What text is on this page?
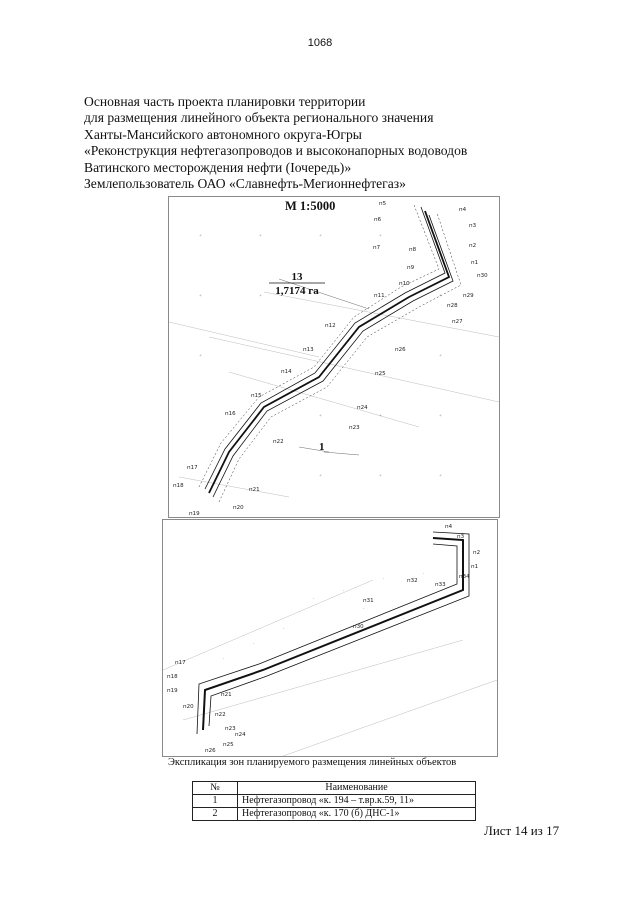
1068
Основная часть проекта планировки территории
для размещения линейного объекта регионального значения
Ханты-Мансийского автономного округа-Югры
«Реконструкция нефтегазопроводов и высоконапорных водоводов
Ватинского месторождения нефти (Iочередь)»
Землепользователь ОАО «Славнефть-Мегионнефтегаз»
+	+	+	+
+	+	+
+	+
+	+	+
+	+	+
п5
п4
п6
п3
п7	п8
п2
п1
п9
п30
п10
п29
п11
п28
п27
п12
п26
п13
п25
п14
п24
п15
п16
п23
п22
п17
п18
п21
п19
п20
М 1:5000
13
1,7174 га
1
·
·
·
·
·
·
·
·
·
п4
п3
п2
п1
п34
п33
п32
п31
п30
п17
п18
п19
п20
п21
п22
п23
п24
п25
п26
Экспликация зон планируемого размещения линейных объектов
№	Наименование
1	Нефтегазопровод «к. 194 – т.вр.к.59, 11»
2	Нефтегазопровод «к. 170 (б) ДНС-1»
Лист 14 из 17
